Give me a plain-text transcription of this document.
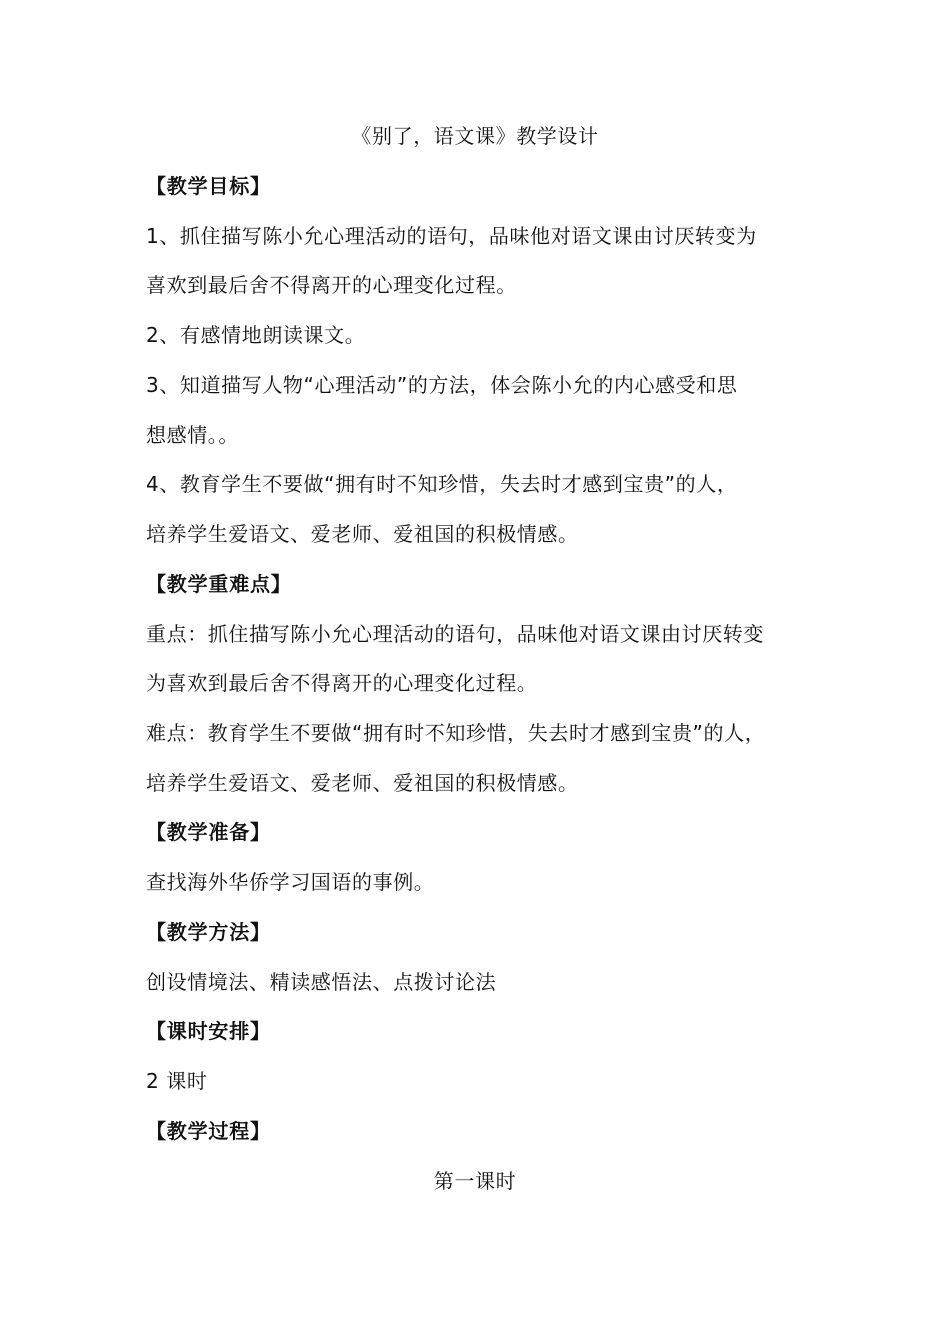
《别了，语文课》教学设计
【教学目标】
1、抓住描写陈小允心理活动的语句，品味他对语文课由讨厌转变为
喜欢到最后舍不得离开的心理变化过程。
2、有感情地朗读课文。
3、知道描写人物“心理活动”的方法，体会陈小允的内心感受和思
想感情。。
4、教育学生不要做“拥有时不知珍惜，失去时才感到宝贵”的人，
培养学生爱语文、爱老师、爱祖国的积极情感。
【教学重难点】
重点：抓住描写陈小允心理活动的语句，品味他对语文课由讨厌转变
为喜欢到最后舍不得离开的心理变化过程。
难点：教育学生不要做“拥有时不知珍惜，失去时才感到宝贵”的人，
培养学生爱语文、爱老师、爱祖国的积极情感。
【教学准备】
查找海外华侨学习国语的事例。
【教学方法】
创设情境法、精读感悟法、点拨讨论法
【课时安排】
2 课时
【教学过程】
第一课时
